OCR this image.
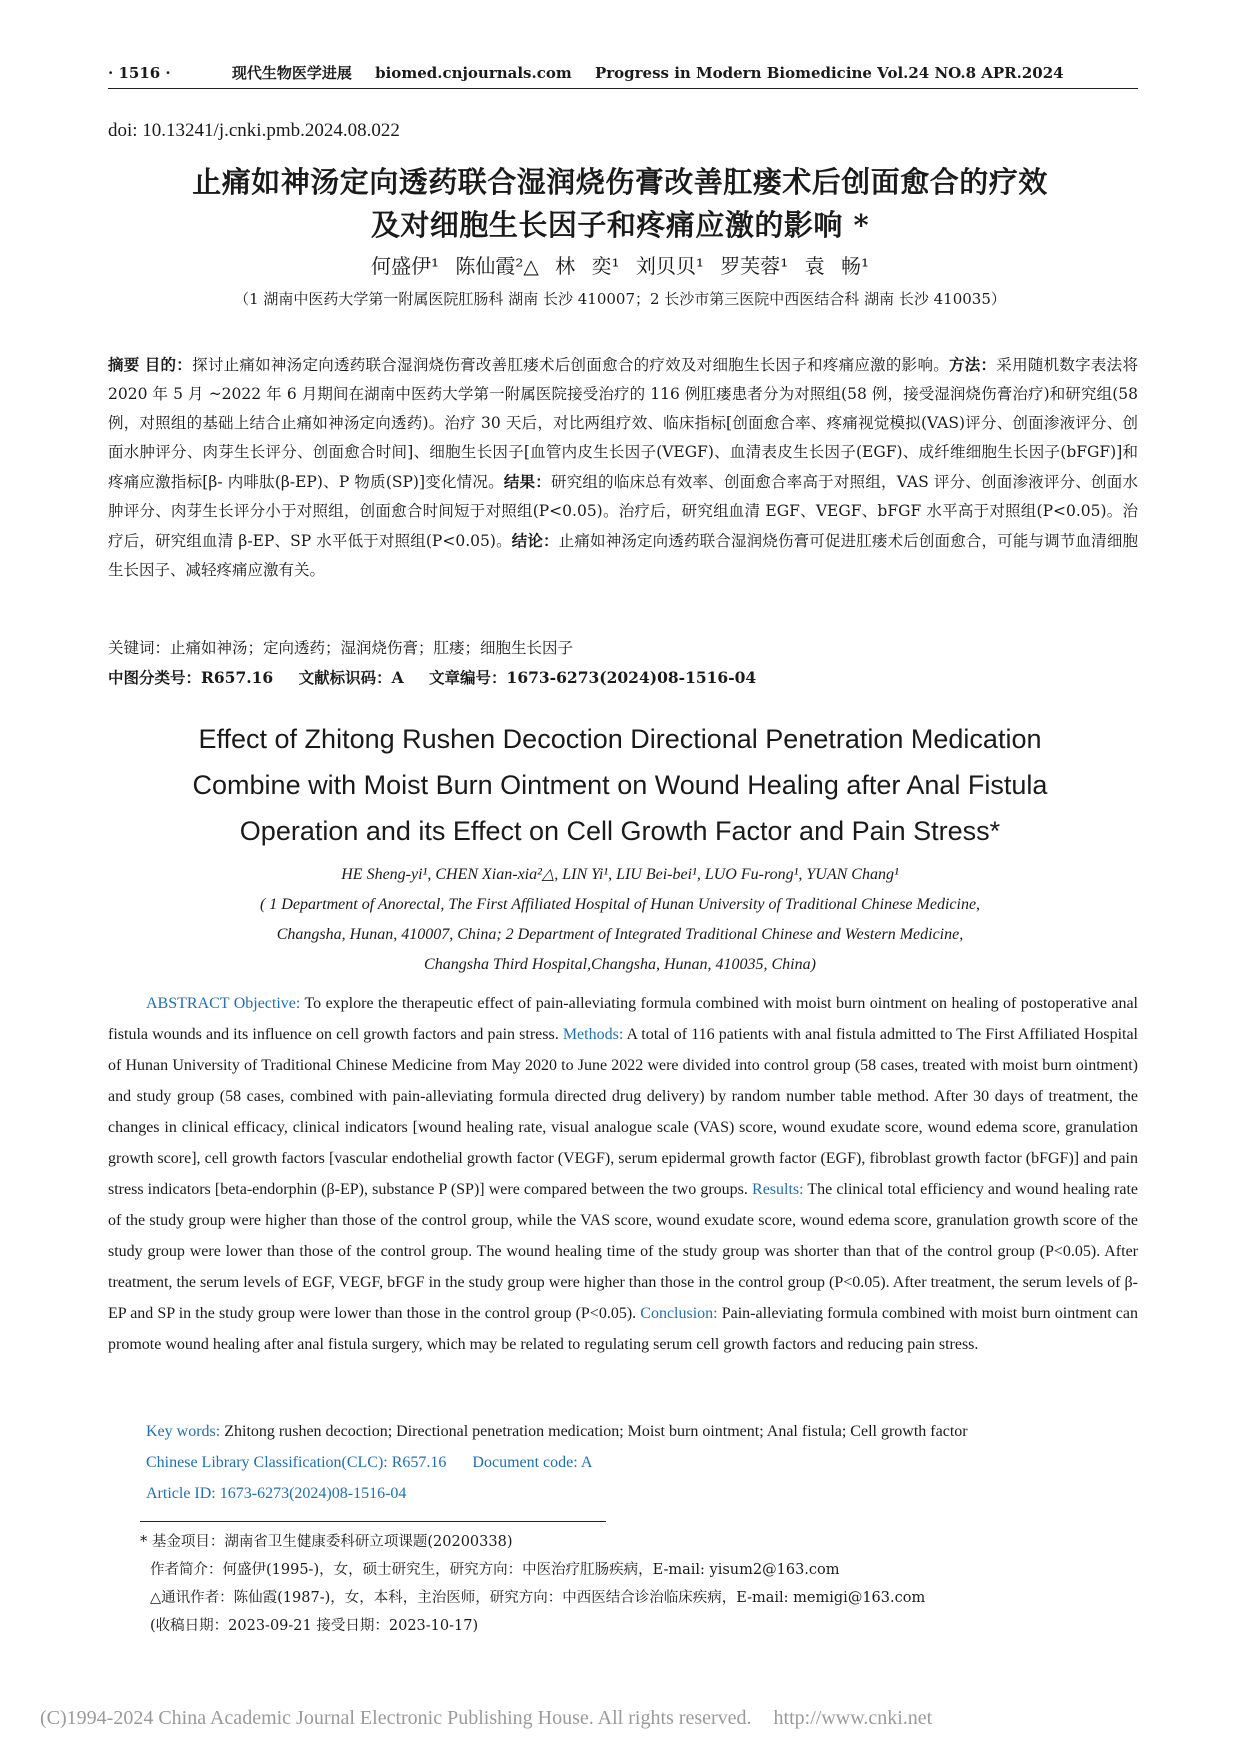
· 1516 ·	现代生物医学进展 biomed.cnjournals.com Progress in Modern Biomedicine Vol.24 NO.8 APR.2024
doi: 10.13241/j.cnki.pmb.2024.08.022
止痛如神汤定向透药联合湿润烧伤膏改善肛瘘术后创面愈合的疗效
及对细胞生长因子和疼痛应激的影响 *
何盛伊¹ 陈仙霞²△ 林 奕¹ 刘贝贝¹ 罗芙蓉¹ 袁 畅¹
（1 湖南中医药大学第一附属医院肛肠科 湖南 长沙 410007；2 长沙市第三医院中西医结合科 湖南 长沙 410035）
摘要 目的：探讨止痛如神汤定向透药联合湿润烧伤膏改善肛瘘术后创面愈合的疗效及对细胞生长因子和疼痛应激的影响。方法：采用随机数字表法将 2020 年 5 月 ~2022 年 6 月期间在湖南中医药大学第一附属医院接受治疗的 116 例肛瘘患者分为对照组(58 例，接受湿润烧伤膏治疗)和研究组(58 例，对照组的基础上结合止痛如神汤定向透药)。治疗 30 天后，对比两组疗效、临床指标[创面愈合率、疼痛视觉模拟(VAS)评分、创面渗液评分、创面水肿评分、肉芽生长评分、创面愈合时间]、细胞生长因子[血管内皮生长因子(VEGF)、血清表皮生长因子(EGF)、成纤维细胞生长因子(bFGF)]和疼痛应激指标[β- 内啡肽(β-EP)、P 物质(SP)]变化情况。结果：研究组的临床总有效率、创面愈合率高于对照组，VAS 评分、创面渗液评分、创面水肿评分、肉芽生长评分小于对照组，创面愈合时间短于对照组(P<0.05)。治疗后，研究组血清 EGF、VEGF、bFGF 水平高于对照组(P<0.05)。治疗后，研究组血清 β-EP、SP 水平低于对照组(P<0.05)。结论：止痛如神汤定向透药联合湿润烧伤膏可促进肛瘘术后创面愈合，可能与调节血清细胞生长因子、减轻疼痛应激有关。
关键词：止痛如神汤；定向透药；湿润烧伤膏；肛瘘；细胞生长因子
中图分类号：R657.16 文献标识码：A 文章编号：1673-6273(2024)08-1516-04
Effect of Zhitong Rushen Decoction Directional Penetration Medication
Combine with Moist Burn Ointment on Wound Healing after Anal Fistula
Operation and its Effect on Cell Growth Factor and Pain Stress*
HE Sheng-yi¹, CHEN Xian-xia²△, LIN Yi¹, LIU Bei-bei¹, LUO Fu-rong¹, YUAN Chang¹
( 1 Department of Anorectal, The First Affiliated Hospital of Hunan University of Traditional Chinese Medicine,
Changsha, Hunan, 410007, China; 2 Department of Integrated Traditional Chinese and Western Medicine,
Changsha Third Hospital,Changsha, Hunan, 410035, China)
ABSTRACT Objective: To explore the therapeutic effect of pain-alleviating formula combined with moist burn ointment on healing of postoperative anal fistula wounds and its influence on cell growth factors and pain stress. Methods: A total of 116 patients with anal fistula admitted to The First Affiliated Hospital of Hunan University of Traditional Chinese Medicine from May 2020 to June 2022 were divided into control group (58 cases, treated with moist burn ointment) and study group (58 cases, combined with pain-alleviating formula directed drug delivery) by random number table method. After 30 days of treatment, the changes in clinical efficacy, clinical indicators [wound healing rate, visual analogue scale (VAS) score, wound exudate score, wound edema score, granulation growth score], cell growth factors [vascular endothelial growth factor (VEGF), serum epidermal growth factor (EGF), fibroblast growth factor (bFGF)] and pain stress indicators [beta-endorphin (β-EP), substance P (SP)] were compared between the two groups. Results: The clinical total efficiency and wound healing rate of the study group were higher than those of the control group, while the VAS score, wound exudate score, wound edema score, granulation growth score of the study group were lower than those of the control group. The wound healing time of the study group was shorter than that of the control group (P<0.05). After treatment, the serum levels of EGF, VEGF, bFGF in the study group were higher than those in the control group (P<0.05). After treatment, the serum levels of β-EP and SP in the study group were lower than those in the control group (P<0.05). Conclusion: Pain-alleviating formula combined with moist burn ointment can promote wound healing after anal fistula surgery, which may be related to regulating serum cell growth factors and reducing pain stress.
Key words: Zhitong rushen decoction; Directional penetration medication; Moist burn ointment; Anal fistula; Cell growth factor
Chinese Library Classification(CLC): R657.16 Document code: A
Article ID: 1673-6273(2024)08-1516-04
* 基金项目：湖南省卫生健康委科研立项课题(20200338)
作者简介：何盛伊(1995-)，女，硕士研究生，研究方向：中医治疗肛肠疾病，E-mail: yisum2@163.com
△通讯作者：陈仙霞(1987-)，女，本科，主治医师，研究方向：中西医结合诊治临床疾病，E-mail: memigi@163.com
(收稿日期：2023-09-21 接受日期：2023-10-17)
(C)1994-2024 China Academic Journal Electronic Publishing House. All rights reserved. http://www.cnki.net
